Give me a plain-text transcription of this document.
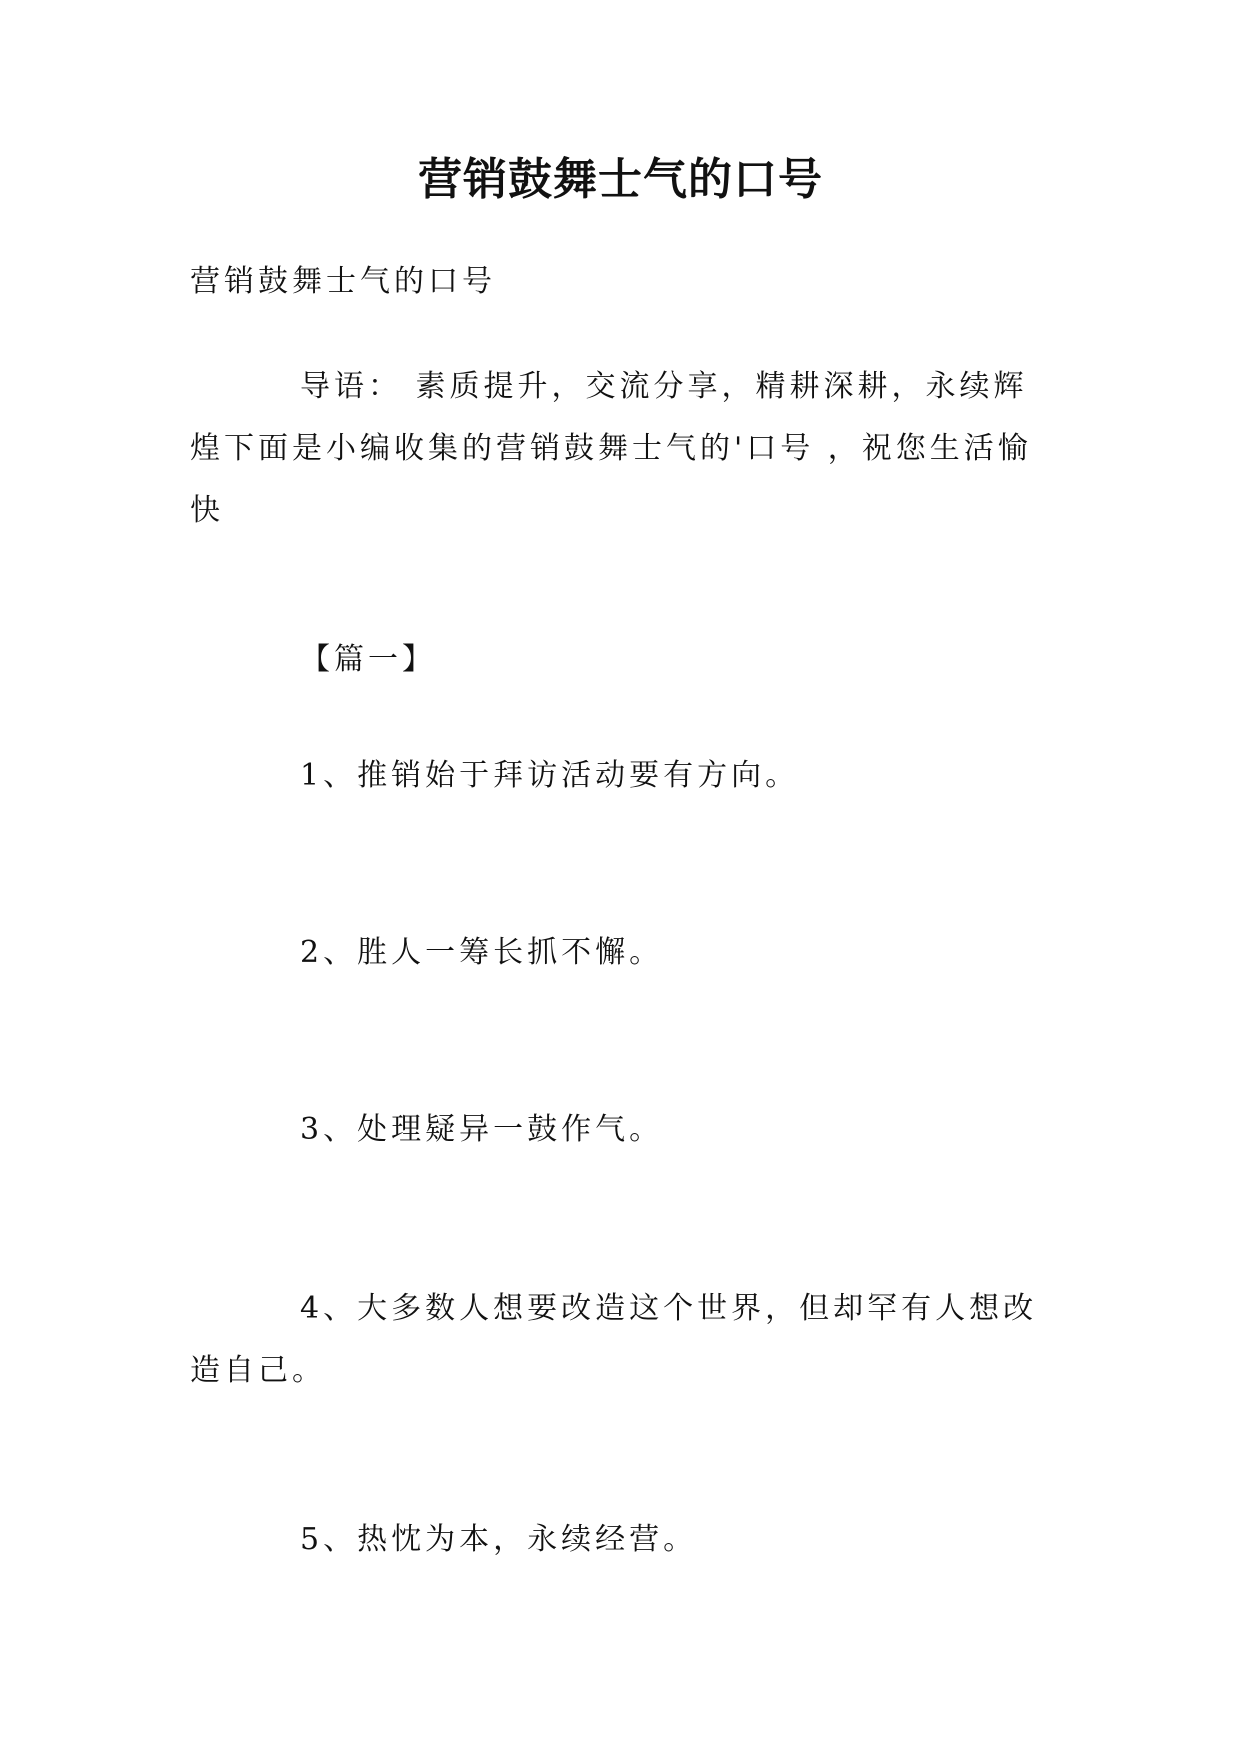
营销鼓舞士气的口号
营销鼓舞士气的口号
导语： 素质提升，交流分享，精耕深耕，永续辉煌下面是小编收集的营销鼓舞士气的'口号 ，祝您生活愉快
【篇一】
1、推销始于拜访活动要有方向。
2、胜人一筹长抓不懈。
3、处理疑异一鼓作气。
4、大多数人想要改造这个世界，但却罕有人想改造自己。
5、热忱为本，永续经营。
